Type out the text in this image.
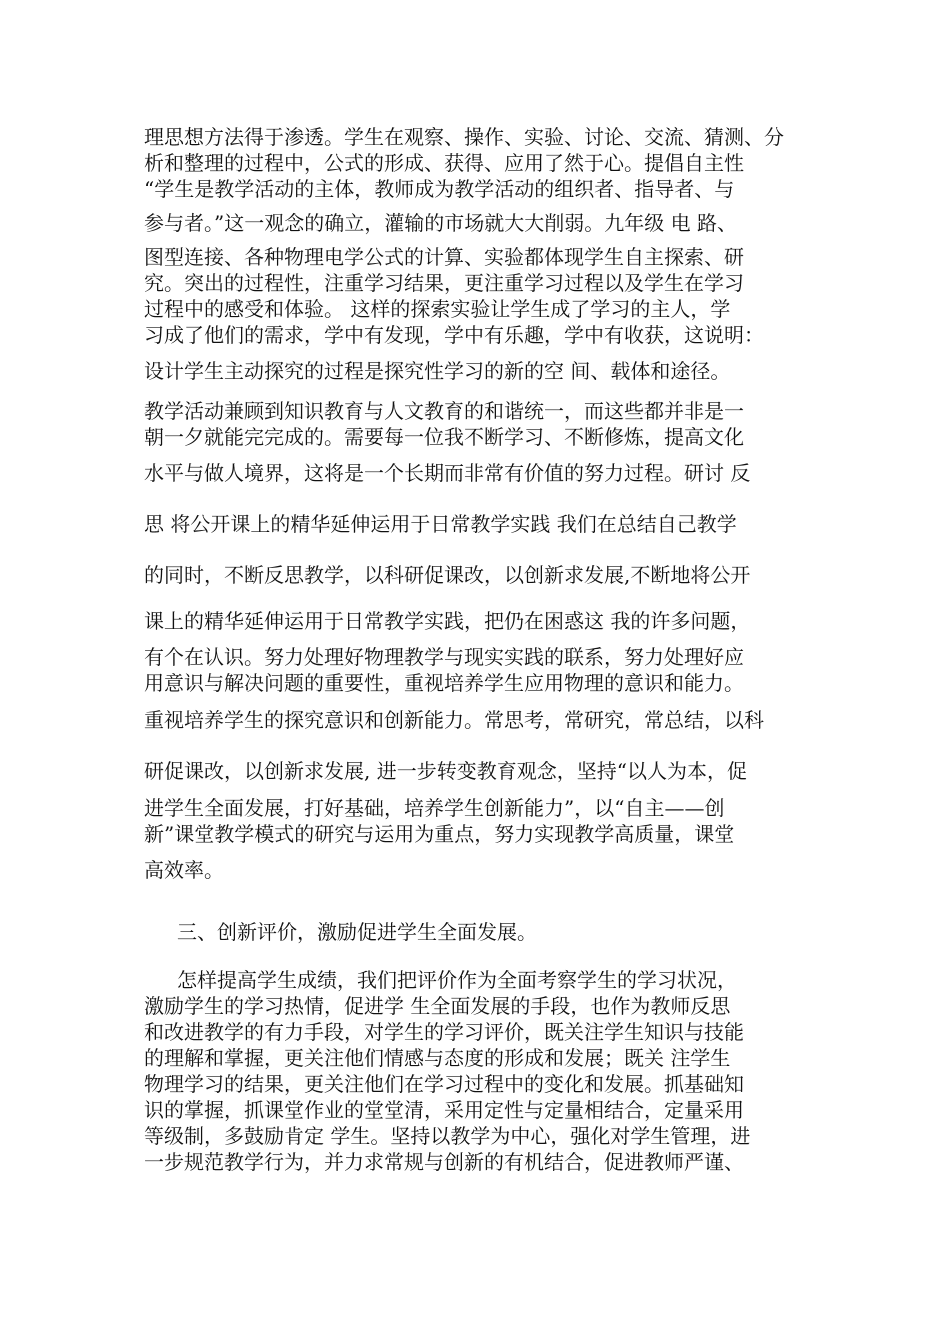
理思想方法得于渗透。学生在观察、操作、实验、讨论、交流、猜测、分
析和整理的过程中，公式的形成、获得、应用了然于心。提倡自主性
“学生是教学活动的主体，教师成为教学活动的组织者、指导者、与
参与者。”这一观念的确立，灌输的市场就大大削弱。九年级 电 路、
图型连接、各种物理电学公式的计算、实验都体现学生自主探索、研
究。突出的过程性，注重学习结果，更注重学习过程以及学生在学习
过程中的感受和体验。 这样的探索实验让学生成了学习的主人，学
习成了他们的需求，学中有发现，学中有乐趣，学中有收获，这说明：
设计学生主动探究的过程是探究性学习的新的空 间、载体和途径。
教学活动兼顾到知识教育与人文教育的和谐统一，而这些都并非是一
朝一夕就能完完成的。需要每一位我不断学习、不断修炼，提高文化
水平与做人境界，这将是一个长期而非常有价值的努力过程。研讨 反
思 将公开课上的精华延伸运用于日常教学实践 我们在总结自己教学
的同时，不断反思教学，以科研促课改，以创新求发展,不断地将公开
课上的精华延伸运用于日常教学实践，把仍在困惑这 我的许多问题，
有个在认识。努力处理好物理教学与现实实践的联系，努力处理好应
用意识与解决问题的重要性，重视培养学生应用物理的意识和能力。
重视培养学生的探究意识和创新能力。常思考，常研究，常总结，以科
研促课改，以创新求发展, 进一步转变教育观念，坚持“以人为本，促
进学生全面发展，打好基础，培养学生创新能力”，以“自主——创
新”课堂教学模式的研究与运用为重点，努力实现教学高质量，课堂
高效率。
三、创新评价，激励促进学生全面发展。
怎样提高学生成绩，我们把评价作为全面考察学生的学习状况，
激励学生的学习热情，促进学 生全面发展的手段，也作为教师反思
和改进教学的有力手段，对学生的学习评价，既关注学生知识与技能
的理解和掌握，更关注他们情感与态度的形成和发展；既关 注学生
物理学习的结果，更关注他们在学习过程中的变化和发展。抓基础知
识的掌握，抓课堂作业的堂堂清，采用定性与定量相结合，定量采用
等级制，多鼓励肯定 学生。坚持以教学为中心，强化对学生管理，进
一步规范教学行为，并力求常规与创新的有机结合，促进教师严谨、
